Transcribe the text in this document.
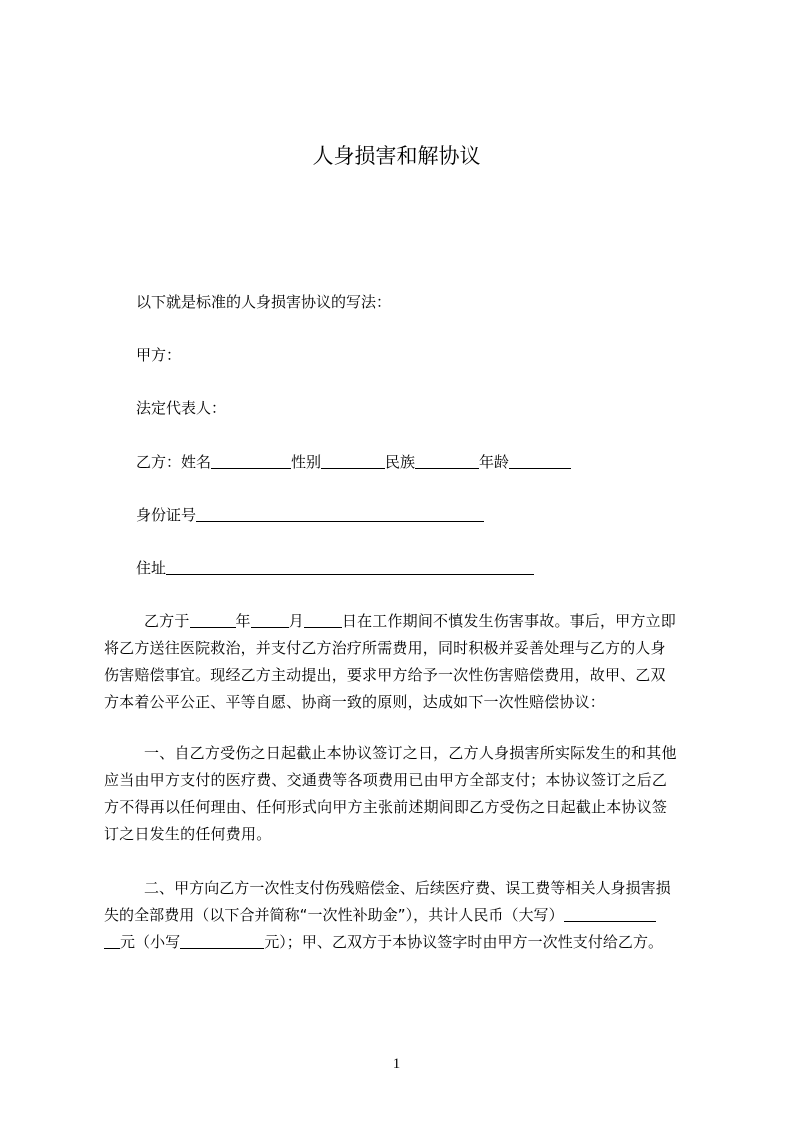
人身损害和解协议
以下就是标准的人身损害协议的写法：
甲方：
法定代表人：
乙方：姓名	性别	民族	年龄
身份证号
住址
乙方于	年	月	日在工作期间不慎发生伤害事故。事后，甲方立即
将乙方送往医院救治，并支付乙方治疗所需费用，同时积极并妥善处理与乙方的人身
伤害赔偿事宜。现经乙方主动提出，要求甲方给予一次性伤害赔偿费用，故甲、乙双
方本着公平公正、平等自愿、协商一致的原则，达成如下一次性赔偿协议：
一、自乙方受伤之日起截止本协议签订之日，乙方人身损害所实际发生的和其他
应当由甲方支付的医疗费、交通费等各项费用已由甲方全部支付；本协议签订之后乙
方不得再以任何理由、任何形式向甲方主张前述期间即乙方受伤之日起截止本协议签
订之日发生的任何费用。
二、甲方向乙方一次性支付伤残赔偿金、后续医疗费、误工费等相关人身损害损
失的全部费用（以下合并简称“一次性补助金”），共计人民币（大写）
元（小写	元）；甲、乙双方于本协议签字时由甲方一次性支付给乙方。
1
